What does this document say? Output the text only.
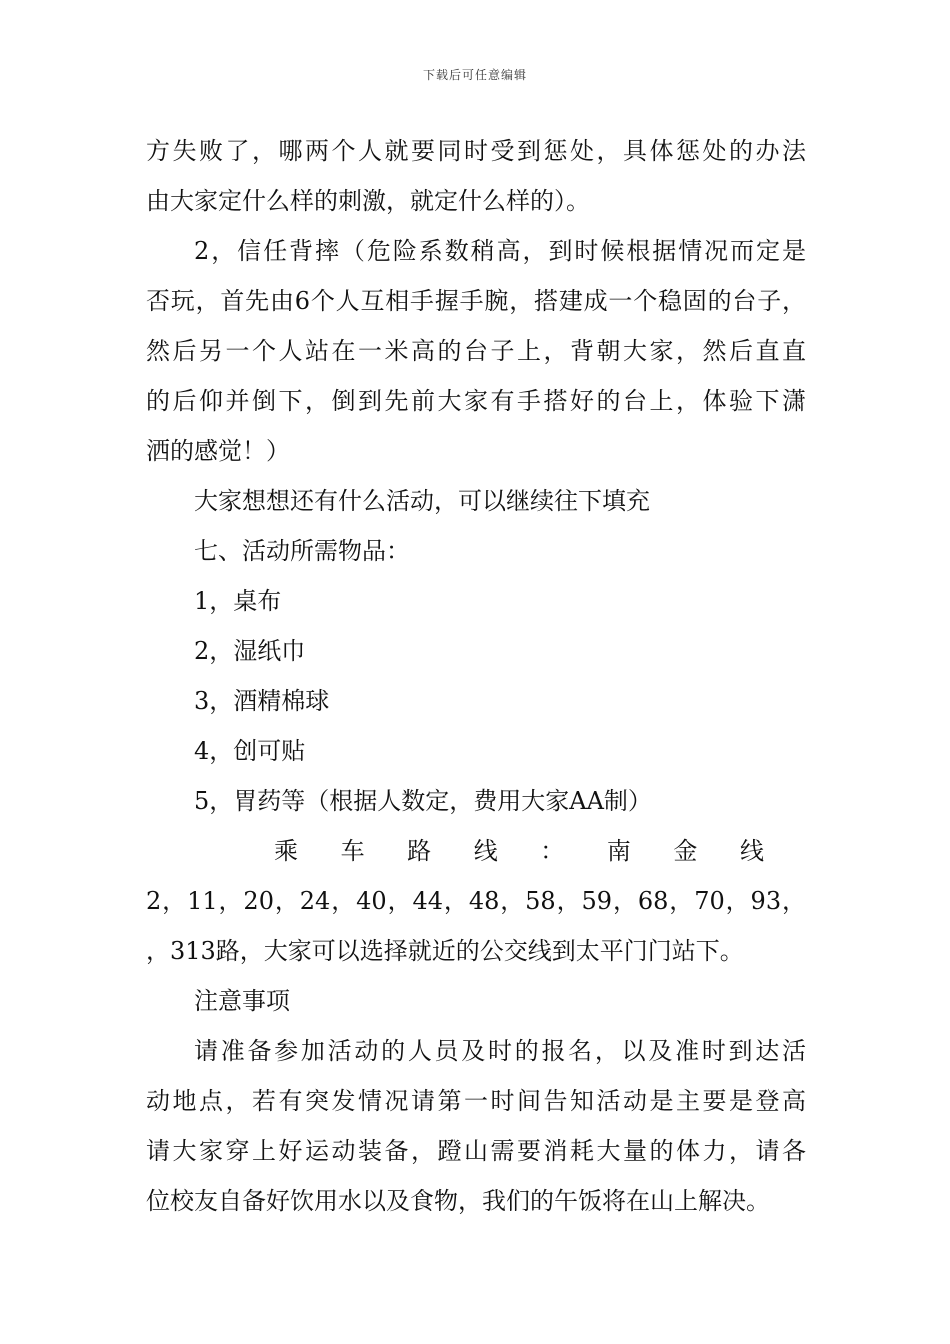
下载后可任意编辑
方失败了，哪两个人就要同时受到惩处，具体惩处的办法
由大家定什么样的刺激，就定什么样的）。
2，信任背摔（危险系数稍高，到时候根据情况而定是
否玩，首先由6个人互相手握手腕，搭建成一个稳固的台子，
然后另一个人站在一米高的台子上，背朝大家，然后直直
的后仰并倒下，倒到先前大家有手搭好的台上，体验下潇
洒的感觉！）
大家想想还有什么活动，可以继续往下填充
七、活动所需物品：
1，桌布
2，湿纸巾
3，酒精棉球
4，创可贴
5，胃药等（根据人数定，费用大家AA制）
乘 车 路 线 ： 南 金 线
2，11，20，24，40，44，48，58，59，68，70，93，
，313路，大家可以选择就近的公交线到太平门门站下。
注意事项
请准备参加活动的人员及时的报名，以及准时到达活
动地点，若有突发情况请第一时间告知活动是主要是登高
请大家穿上好运动装备，蹬山需要消耗大量的体力，请各
位校友自备好饮用水以及食物，我们的午饭将在山上解决。
